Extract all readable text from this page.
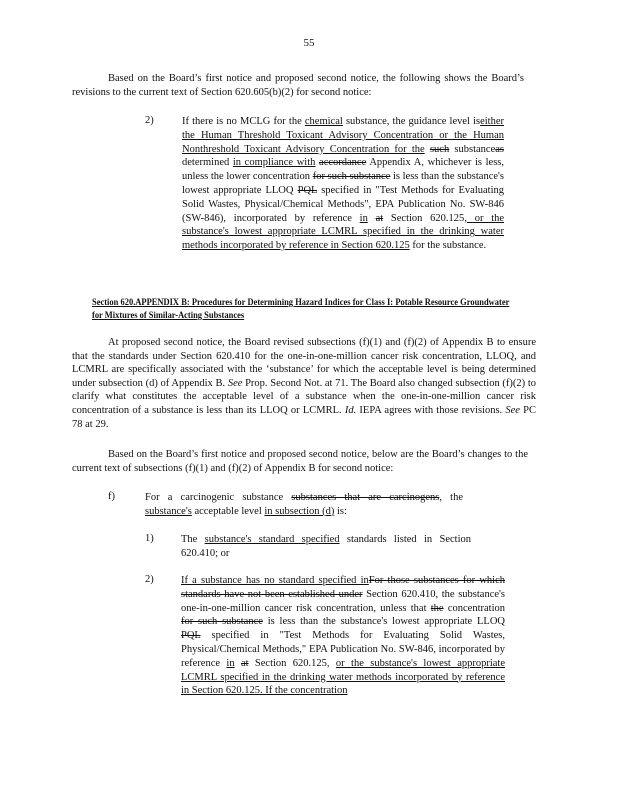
55
Based on the Board’s first notice and proposed second notice, the following shows the Board’s revisions to the current text of Section 620.605(b)(2) for second notice:
2)	If there is no MCLG for the chemical substance, the guidance level iseither the Human Threshold Toxicant Advisory Concentration or the Human Nonthreshold Toxicant Advisory Concentration for the such substanceas determined in compliance with accordance Appendix A, whichever is less, unless the lower concentration for such substance is less than the substance's lowest appropriate LLOQ PQL specified in "Test Methods for Evaluating Solid Wastes, Physical/Chemical Methods", EPA Publication No. SW-846 (SW-846), incorporated by reference in at Section 620.125, or the substance's lowest appropriate LCMRL specified in the drinking water methods incorporated by reference in Section 620.125 for the substance.
Section 620.APPENDIX B: Procedures for Determining Hazard Indices for Class I: Potable Resource Groundwater for Mixtures of Similar-Acting Substances
At proposed second notice, the Board revised subsections (f)(1) and (f)(2) of Appendix B to ensure that the standards under Section 620.410 for the one-in-one-million cancer risk concentration, LLOQ, and LCMRL are specifically associated with the ‘substance’ for which the acceptable level is being determined under subsection (d) of Appendix B. See Prop. Second Not. at 71. The Board also changed subsection (f)(2) to clarify what constitutes the acceptable level of a substance when the one-in-one-million cancer risk concentration of a substance is less than its LLOQ or LCMRL. Id. IEPA agrees with those revisions. See PC 78 at 29.
Based on the Board’s first notice and proposed second notice, below are the Board’s changes to the current text of subsections (f)(1) and (f)(2) of Appendix B for second notice:
f)	For a carcinogenic substance substances that are carcinogens, the substance's acceptable level in subsection (d) is:
1)	The substance's standard specified standards listed in Section 620.410; or
2)	If a substance has no standard specified inFor those substances for which standards have not been established under Section 620.410, the substance's one-in-one-million cancer risk concentration, unless that the concentration for such substance is less than the substance's lowest appropriate LLOQ PQL specified in "Test Methods for Evaluating Solid Wastes, Physical/Chemical Methods," EPA Publication No. SW-846, incorporated by reference in at Section 620.125, or the substance's lowest appropriate LCMRL specified in the drinking water methods incorporated by reference in Section 620.125. If the concentration
